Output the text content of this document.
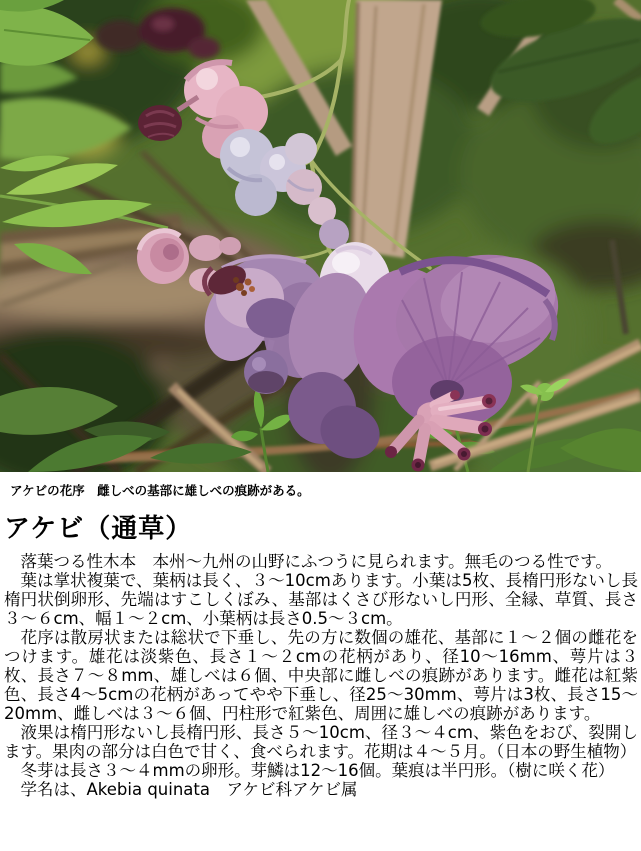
アケビの花序　雌しべの基部に雄しべの痕跡がある。

アケビ（通草）

落葉つる性木本　本州～九州の山野にふつうに見られます。無毛のつる性です。

葉は掌状複葉で、葉柄は長く、３～10cmあります。小葉は5枚、長楕円形ないし長楕円状倒卵形、先端はすこしくぼみ、基部はくさび形ないし円形、全縁、草質、長さ３～６cm、幅１～２cm、小葉柄は長さ0.5～３cm。

花序は散房状または総状で下垂し、先の方に数個の雄花、基部に１～２個の雌花をつけます。雄花は淡紫色、長さ１～２cmの花柄があり、径10～16mm、萼片は３枚、長さ７～８mm、雄しべは６個、中央部に雌しべの痕跡があります。雌花は紅紫色、長さ4～5cmの花柄があってやや下垂し、径25～30mm、萼片は3枚、長さ15～20mm、雌しべは３～６個、円柱形で紅紫色、周囲に雄しべの痕跡があります。

液果は楕円形ないし長楕円形、長さ５～10cm、径３～４cm、紫色をおび、裂開します。果肉の部分は白色で甘く、食べられます。花期は４～５月。（日本の野生植物）

冬芽は長さ３～４mmの卵形。芽鱗は12～16個。葉痕は半円形。（樹に咲く花）

学名は、Akebia quinata　アケビ科アケビ属
